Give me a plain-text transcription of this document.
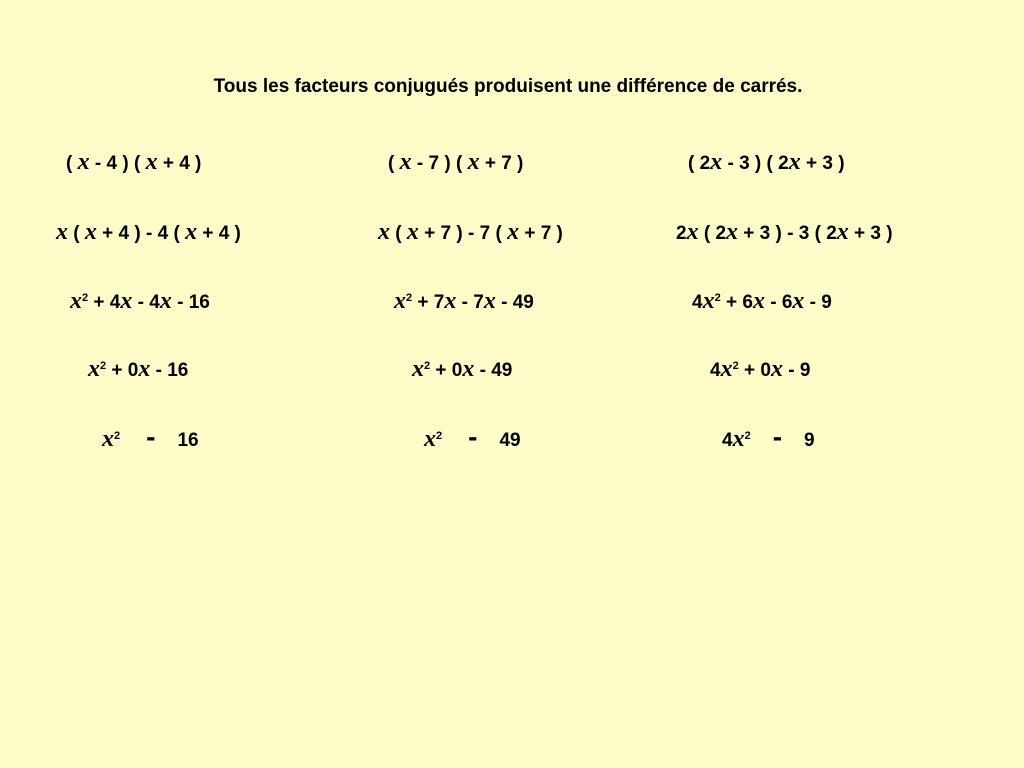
Tous les facteurs conjugués produisent une différence de carrés.
( x - 4 ) ( x + 4 )
x ( x + 4 ) - 4 ( x + 4 )
$x^2 + 4x - 4x - 16$
$x^2 + 0x - 16$
$x^2 - 16$
( x - 7 ) ( x + 7 )
x ( x + 7 ) - 7 ( x + 7 )
$x^2 + 7x - 7x - 49$
$x^2 + 0x - 49$
$x^2 - 49$
( 2x - 3 ) ( 2x + 3 )
2x ( 2x + 3 ) - 3 ( 2x + 3 )
$4x^2 + 6x - 6x - 9$
$4x^2 + 0x - 9$
$4x^2 - 9$
